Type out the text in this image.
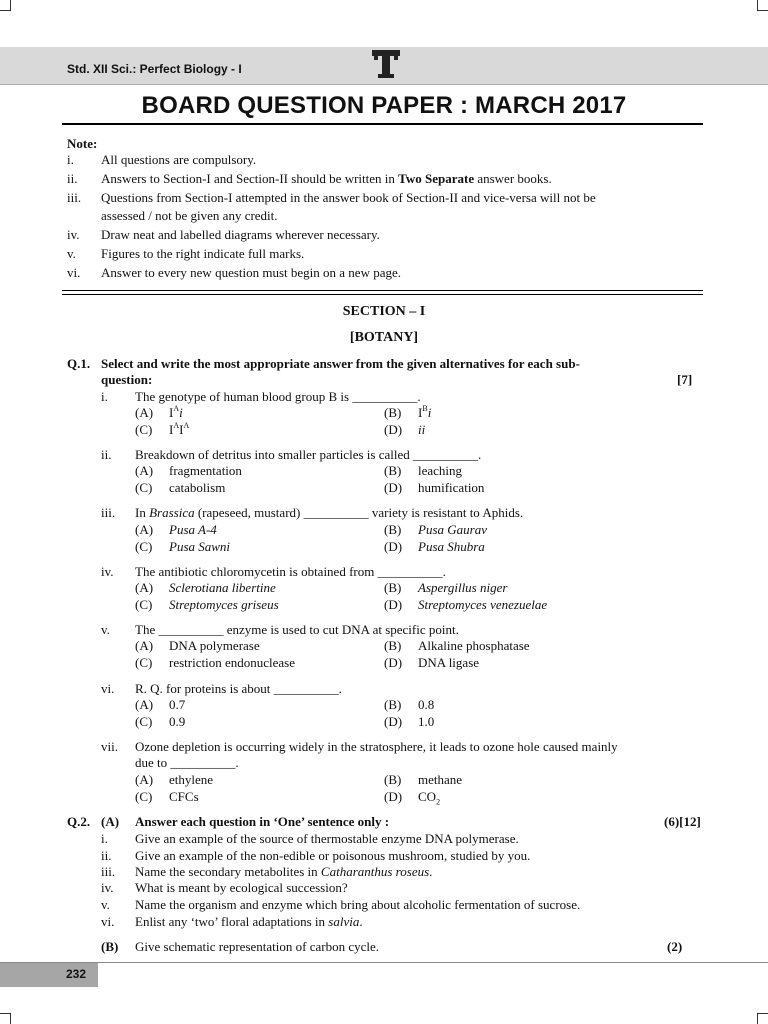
Std. XII Sci.: Perfect Biology - I
BOARD QUESTION PAPER : MARCH 2017
Note:
i. All questions are compulsory.
ii. Answers to Section-I and Section-II should be written in Two Separate answer books.
iii. Questions from Section-I attempted in the answer book of Section-II and vice-versa will not be
assessed / not be given any credit.
iv. Draw neat and labelled diagrams wherever necessary.
v. Figures to the right indicate full marks.
vi. Answer to every new question must begin on a new page.
SECTION – I
[BOTANY]
Q.1. Select and write the most appropriate answer from the given alternatives for each sub-
question:	[7]
i. The genotype of human blood group B is __________.
(A) $I^Ai$	(B) $I^Bi$
(C) $I^AI^A$	(D) ii
ii. Breakdown of detritus into smaller particles is called __________.
(A) fragmentation	(B) leaching
(C) catabolism	(D) humification
iii. In Brassica (rapeseed, mustard) __________ variety is resistant to Aphids.
(A) Pusa A-4	(B) Pusa Gaurav
(C) Pusa Sawni	(D) Pusa Shubra
iv. The antibiotic chloromycetin is obtained from __________.
(A) Sclerotiana libertine	(B) Aspergillus niger
(C) Streptomyces griseus	(D) Streptomyces venezuelae
v. The __________ enzyme is used to cut DNA at specific point.
(A) DNA polymerase	(B) Alkaline phosphatase
(C) restriction endonuclease	(D) DNA ligase
vi. R. Q. for proteins is about __________.
(A) 0.7	(B) 0.8
(C) 0.9	(D) 1.0
vii. Ozone depletion is occurring widely in the stratosphere, it leads to ozone hole caused mainly
due to __________.
(A) ethylene	(B) methane
(C) CFCs	(D) $CO_2$
Q.2. (A) Answer each question in ‘One’ sentence only :	(6)[12]
i. Give an example of the source of thermostable enzyme DNA polymerase.
ii. Give an example of the non-edible or poisonous mushroom, studied by you.
iii. Name the secondary metabolites in Catharanthus roseus.
iv. What is meant by ecological succession?
v. Name the organism and enzyme which bring about alcoholic fermentation of sucrose.
vi. Enlist any ‘two’ floral adaptations in salvia.
(B) Give schematic representation of carbon cycle.	(2)
232
